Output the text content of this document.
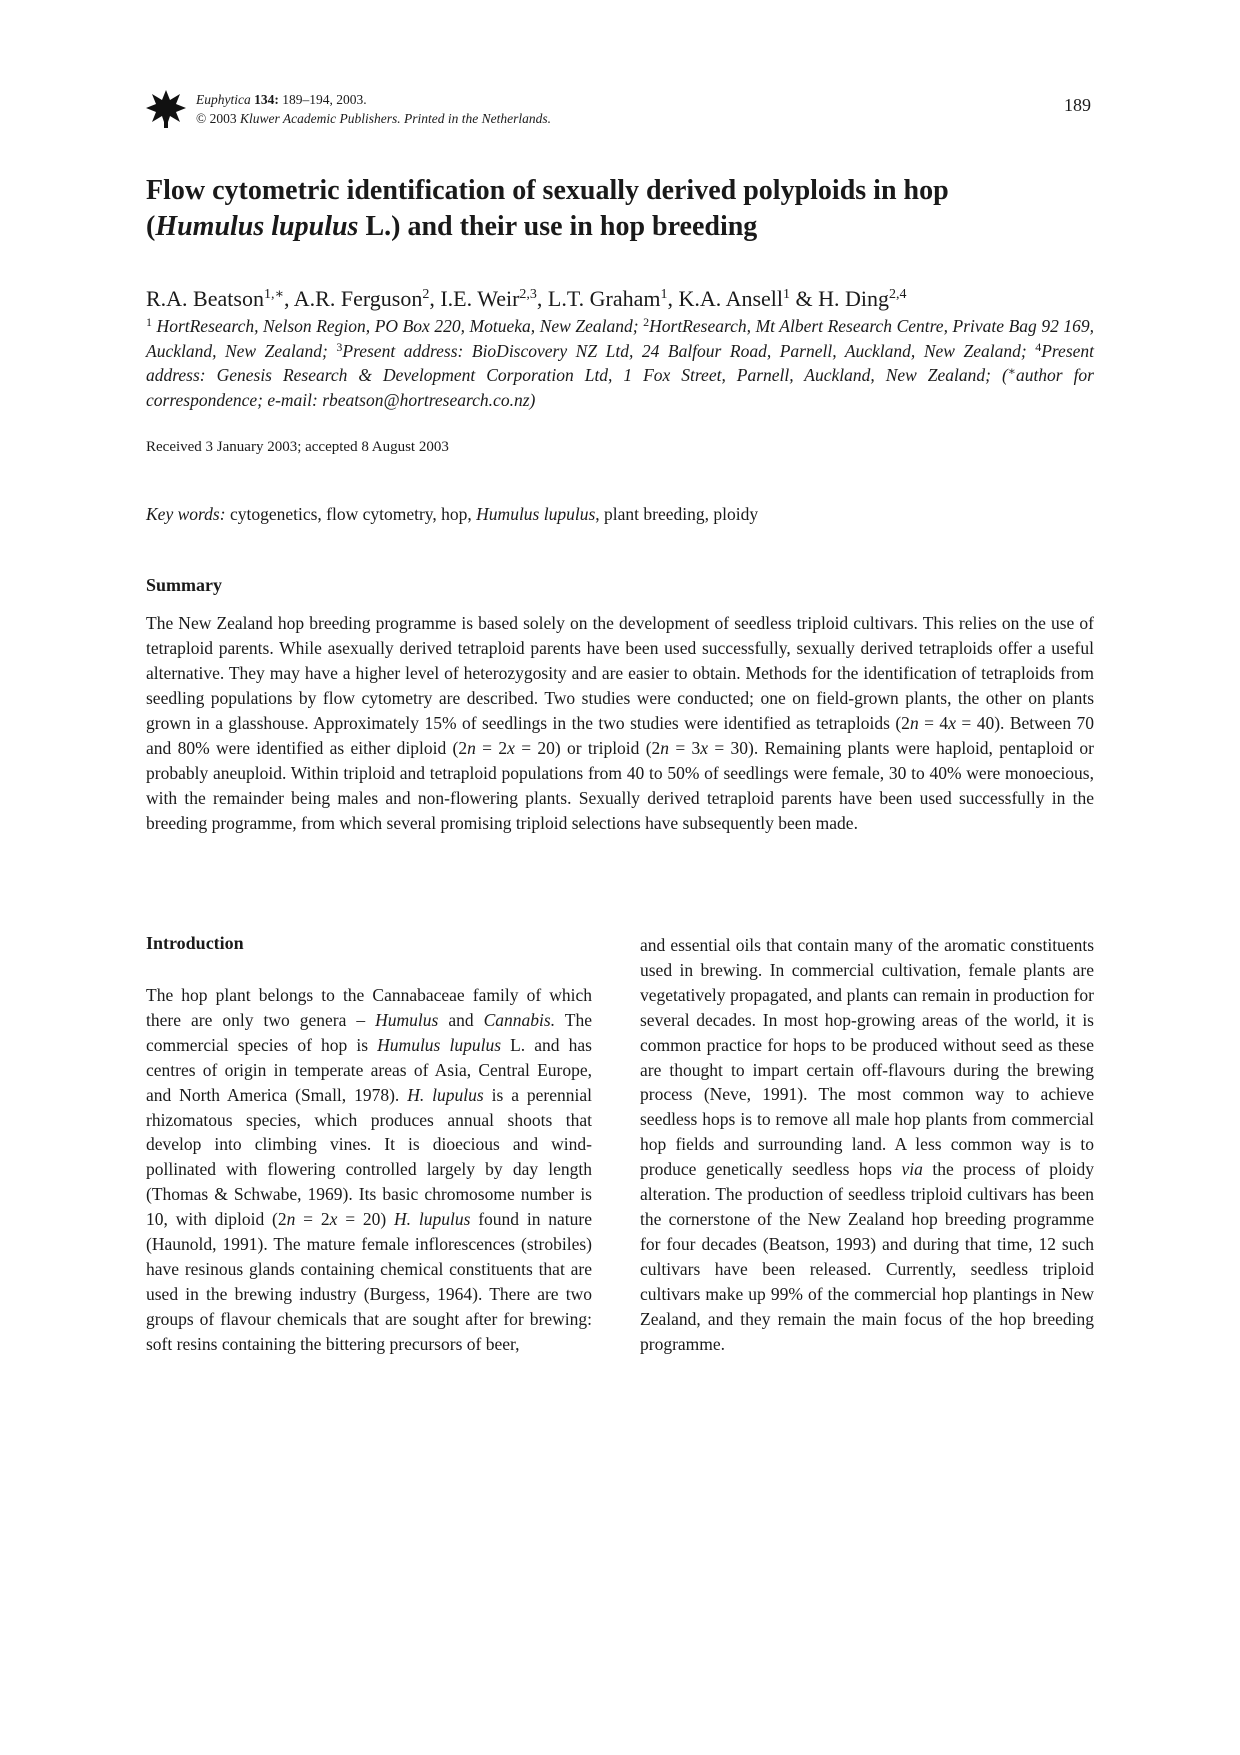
Euphytica 134: 189–194, 2003.
© 2003 Kluwer Academic Publishers. Printed in the Netherlands.
189
Flow cytometric identification of sexually derived polyploids in hop
(Humulus lupulus L.) and their use in hop breeding
R.A. Beatson$^{1,∗}$, A.R. Ferguson$^2$, I.E. Weir$^{2,3}$, L.T. Graham$^1$, K.A. Ansell$^1$ & H. Ding$^{2,4}$
$^1$ HortResearch, Nelson Region, PO Box 220, Motueka, New Zealand; $^2$HortResearch, Mt Albert Research Centre, Private Bag 92 169, Auckland, New Zealand; $^3$Present address: BioDiscovery NZ Ltd, 24 Balfour Road, Parnell, Auckland, New Zealand; $^4$Present address: Genesis Research & Development Corporation Ltd, 1 Fox Street, Parnell, Auckland, New Zealand; (∗author for correspondence; e-mail: rbeatson@hortresearch.co.nz)
Received 3 January 2003; accepted 8 August 2003
Key words: cytogenetics, flow cytometry, hop, Humulus lupulus, plant breeding, ploidy
Summary

The New Zealand hop breeding programme is based solely on the development of seedless triploid cultivars. This relies on the use of tetraploid parents. While asexually derived tetraploid parents have been used successfully, sexually derived tetraploids offer a useful alternative. They may have a higher level of heterozygosity and are easier to obtain. Methods for the identification of tetraploids from seedling populations by flow cytometry are described. Two studies were conducted; one on field-grown plants, the other on plants grown in a glasshouse. Approximately 15% of seedlings in the two studies were identified as tetraploids (2n = 4x = 40). Between 70 and 80% were identified as either diploid (2n = 2x = 20) or triploid (2n = 3x = 30). Remaining plants were haploid, pentaploid or probably aneuploid. Within triploid and tetraploid populations from 40 to 50% of seedlings were female, 30 to 40% were monoecious, with the remainder being males and non-flowering plants. Sexually derived tetraploid parents have been used successfully in the breeding programme, from which several promising triploid selections have subsequently been made.

Introduction

The hop plant belongs to the Cannabaceae family of which there are only two genera – Humulus and Cannabis. The commercial species of hop is Humulus lupulus L. and has centres of origin in temperate areas of Asia, Central Europe, and North America (Small, 1978). H. lupulus is a perennial rhizomatous species, which produces annual shoots that develop into climbing vines. It is dioecious and wind-pollinated with flowering controlled largely by day length (Thomas & Schwabe, 1969). Its basic chromosome number is 10, with diploid (2n = 2x = 20) H. lupulus found in nature (Haunold, 1991). The mature female inflorescences (strobiles) have resinous glands containing chemical constituents that are used in the brewing industry (Burgess, 1964). There are two groups of flavour chemicals that are sought after for brewing: soft resins containing the bittering precursors of beer,

and essential oils that contain many of the aromatic constituents used in brewing. In commercial cultivation, female plants are vegetatively propagated, and plants can remain in production for several decades. In most hop-growing areas of the world, it is common practice for hops to be produced without seed as these are thought to impart certain off-flavours during the brewing process (Neve, 1991). The most common way to achieve seedless hops is to remove all male hop plants from commercial hop fields and surrounding land. A less common way is to produce genetically seedless hops via the process of ploidy alteration. The production of seedless triploid cultivars has been the cornerstone of the New Zealand hop breeding programme for four decades (Beatson, 1993) and during that time, 12 such cultivars have been released. Currently, seedless triploid cultivars make up 99% of the commercial hop plantings in New Zealand, and they remain the main focus of the hop breeding programme.
